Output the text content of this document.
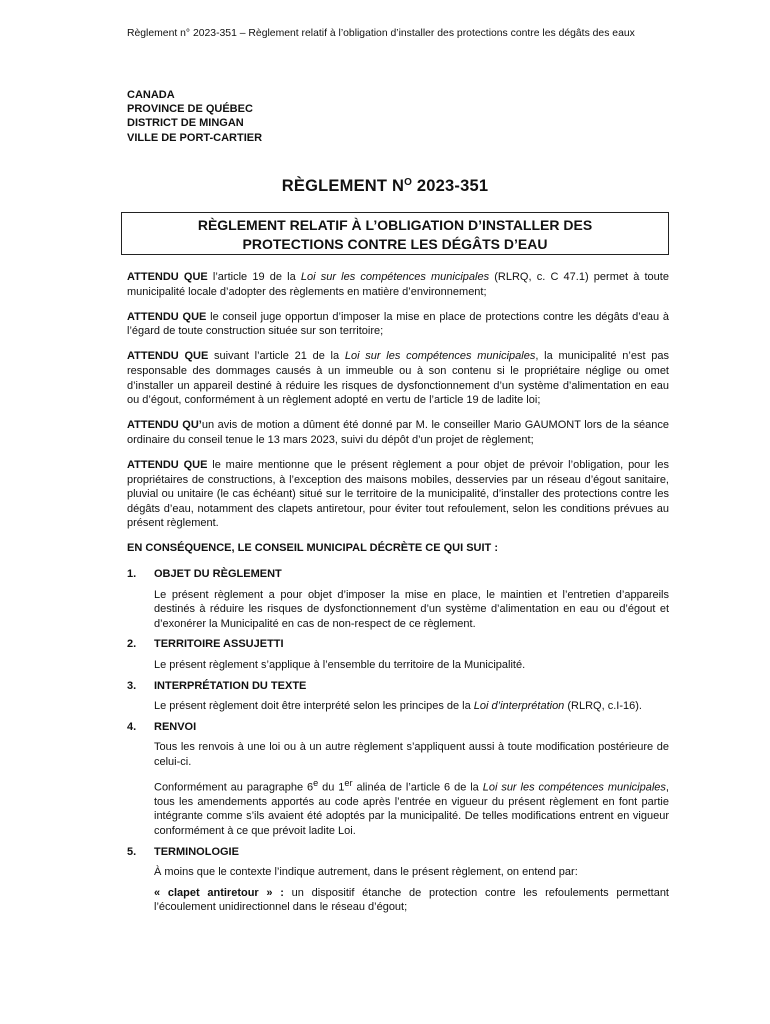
Règlement n° 2023-351 – Règlement relatif à l’obligation d’installer des protections contre les dégâts des eaux
CANADA
PROVINCE DE QUÉBEC
DISTRICT DE MINGAN
VILLE DE PORT-CARTIER
RÈGLEMENT $N^O$ 2023-351
RÈGLEMENT RELATIF À L’OBLIGATION D’INSTALLER DES
PROTECTIONS CONTRE LES DÉGÂTS D’EAU

ATTENDU QUE l’article 19 de la Loi sur les compétences municipales (RLRQ, c. C 47.1) permet à toute municipalité locale d’adopter des règlements en matière d’environnement;

ATTENDU QUE le conseil juge opportun d’imposer la mise en place de protections contre les dégâts d’eau à l’égard de toute construction située sur son territoire;

ATTENDU QUE suivant l’article 21 de la Loi sur les compétences municipales, la municipalité n’est pas responsable des dommages causés à un immeuble ou à son contenu si le propriétaire néglige ou omet d’installer un appareil destiné à réduire les risques de dysfonctionnement d’un système d’alimentation en eau ou d’égout, conformément à un règlement adopté en vertu de l’article 19 de ladite loi;

ATTENDU QU’un avis de motion a dûment été donné par M. le conseiller Mario GAUMONT lors de la séance ordinaire du conseil tenue le 13 mars 2023, suivi du dépôt d’un projet de règlement;

ATTENDU QUE le maire mentionne que le présent règlement a pour objet de prévoir l’obligation, pour les propriétaires de constructions, à l’exception des maisons mobiles, desservies par un réseau d’égout sanitaire, pluvial ou unitaire (le cas échéant) situé sur le territoire de la municipalité, d’installer des protections contre les dégâts d’eau, notamment des clapets antiretour, pour éviter tout refoulement, selon les conditions prévues au présent règlement.

EN CONSÉQUENCE, LE CONSEIL MUNICIPAL DÉCRÈTE CE QUI SUIT :

1.	OBJET DU RÈGLEMENT
Le présent règlement a pour objet d’imposer la mise en place, le maintien et l’entretien d’appareils destinés à réduire les risques de dysfonctionnement d’un système d’alimentation en eau ou d’égout et d’exonérer la Municipalité en cas de non-respect de ce règlement.
2.	TERRITOIRE ASSUJETTI
Le présent règlement s’applique à l’ensemble du territoire de la Municipalité.
3.	INTERPRÉTATION DU TEXTE
Le présent règlement doit être interprété selon les principes de la Loi d’interprétation (RLRQ, c.I-16).
4.	RENVOI

Tous les renvois à une loi ou à un autre règlement s’appliquent aussi à toute modification postérieure de celui-ci.

Conformément au paragraphe 6e du 1er alinéa de l’article 6 de la Loi sur les compétences municipales, tous les amendements apportés au code après l’entrée en vigueur du présent règlement en font partie intégrante comme s’ils avaient été adoptés par la municipalité. De telles modifications entrent en vigueur conformément à ce que prévoit ladite Loi.

5.	TERMINOLOGIE

À moins que le contexte l’indique autrement, dans le présent règlement, on entend par:

« clapet antiretour » : un dispositif étanche de protection contre les refoulements permettant l’écoulement unidirectionnel dans le réseau d’égout;
